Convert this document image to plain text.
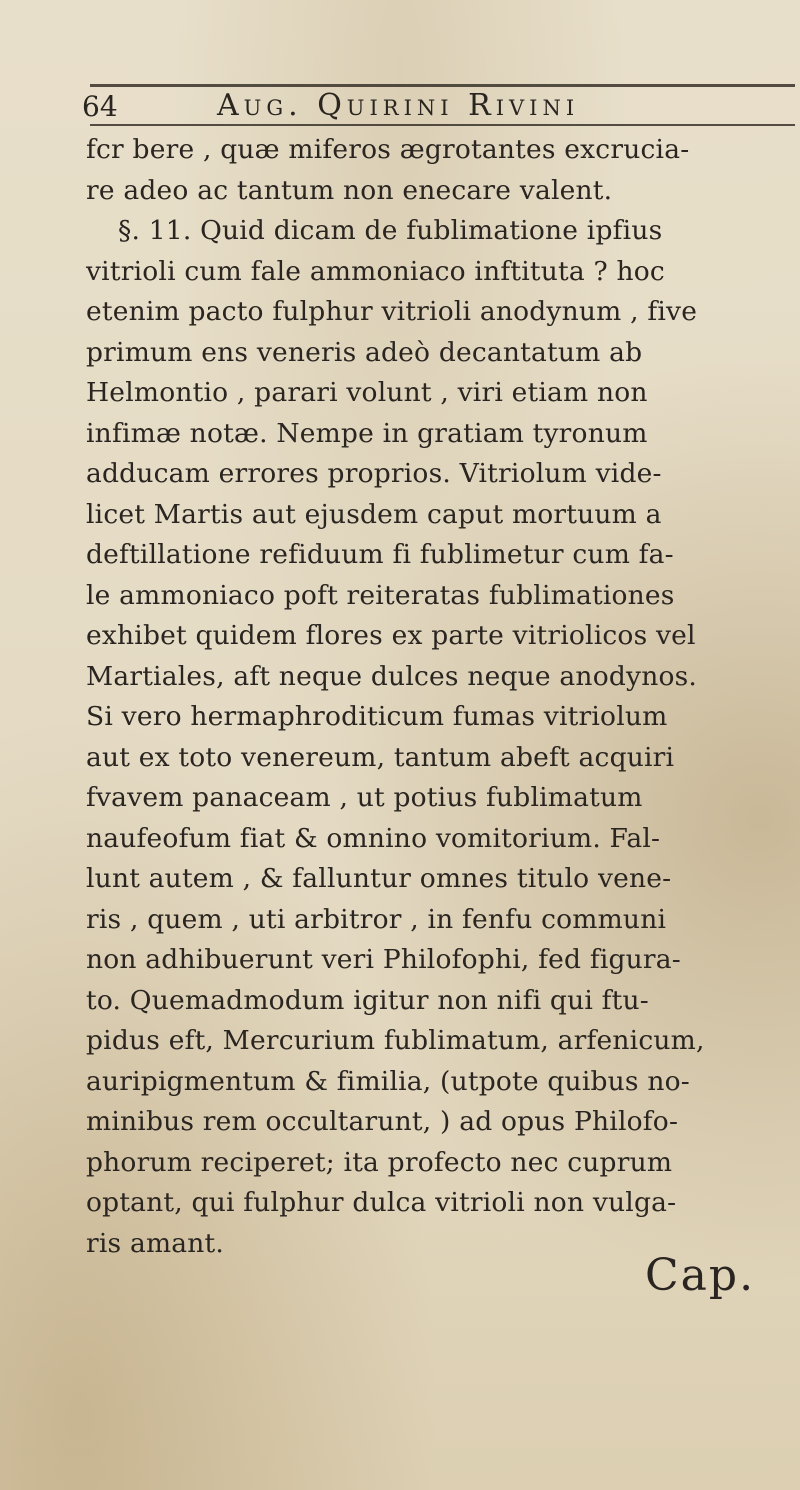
64	Aug. Quirini Rivini
fcr bere , quæ miferos ægrotantes excrucia-
re adeo ac tantum non enecare valent.
§. 11. Quid dicam de fublimatione ipfius
vitrioli cum fale ammoniaco inftituta ? hoc
etenim pacto fulphur vitrioli anodynum , five
primum ens veneris adeò decantatum ab
Helmontio , parari volunt , viri etiam non
infimæ notæ. Nempe in gratiam tyronum
adducam errores proprios. Vitriolum vide-
licet Martis aut ejusdem caput mortuum a
deftillatione refiduum fi fublimetur cum fa-
le ammoniaco poft reiteratas fublimationes
exhibet quidem flores ex parte vitriolicos vel
Martiales, aft neque dulces neque anodynos.
Si vero hermaphroditicum fumas vitriolum
aut ex toto venereum, tantum abeft acquiri
fvavem panaceam , ut potius fublimatum
naufeofum fiat & omnino vomitorium. Fal-
lunt autem , & falluntur omnes titulo vene-
ris , quem , uti arbitror , in fenfu communi
non adhibuerunt veri Philofophi, fed figura-
to. Quemadmodum igitur non nifi qui ftu-
pidus eft, Mercurium fublimatum, arfenicum,
auripigmentum & fimilia, (utpote quibus no-
minibus rem occultarunt, ) ad opus Philofo-
phorum reciperet; ita profecto nec cuprum
optant, qui fulphur dulca vitrioli non vulga-
ris amant.
Cap.
